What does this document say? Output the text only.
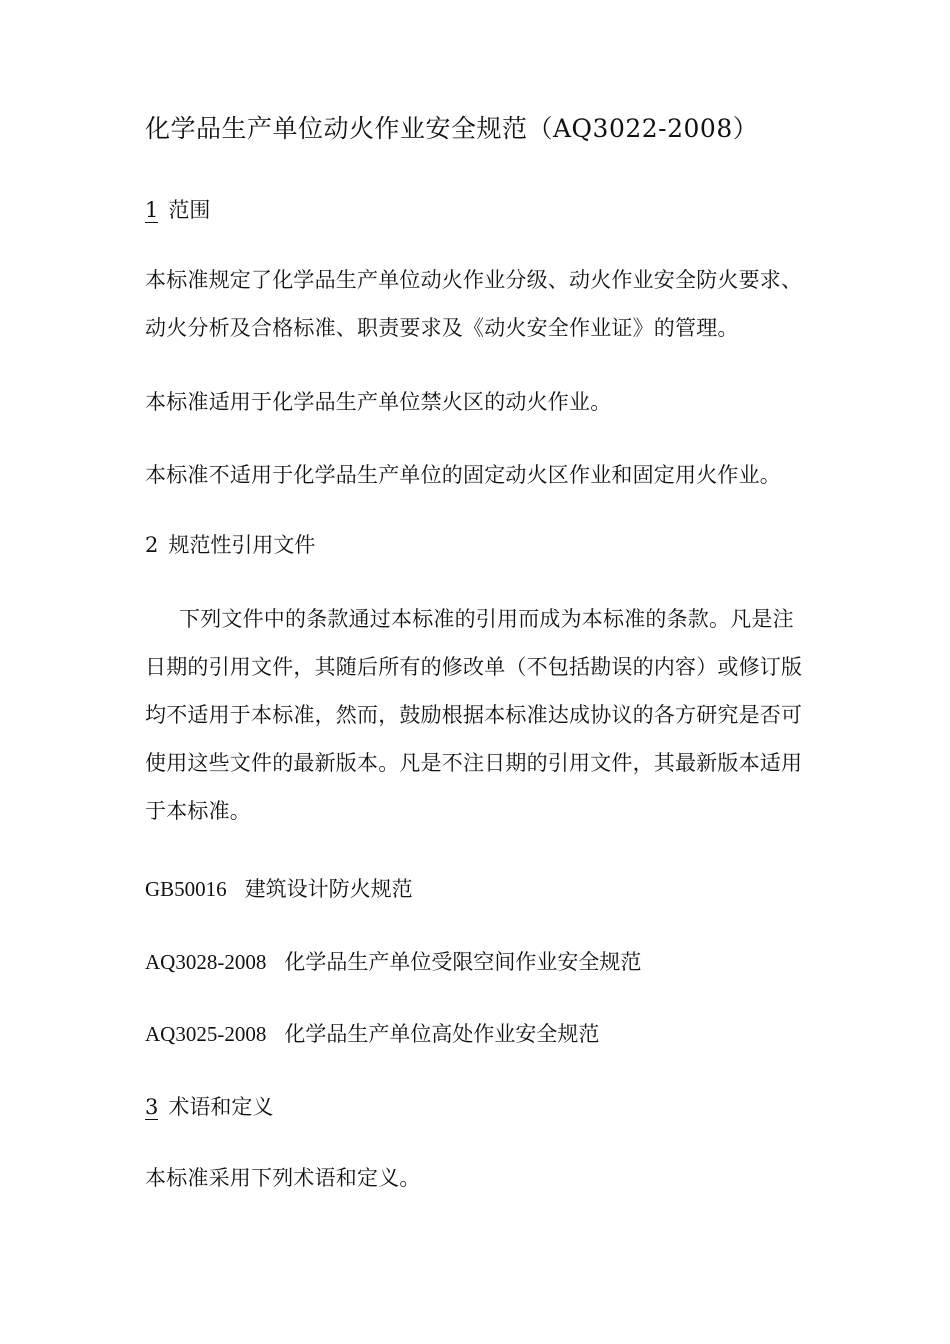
化学品生产单位动火作业安全规范（AQ3022-2008）
1 范围

本标准规定了化学品生产单位动火作业分级、动火作业安全防火要求、动火分析及合格标准、职责要求及《动火安全作业证》的管理。

本标准适用于化学品生产单位禁火区的动火作业。

本标准不适用于化学品生产单位的固定动火区作业和固定用火作业。

2 规范性引用文件

下列文件中的条款通过本标准的引用而成为本标准的条款。凡是注日期的引用文件，其随后所有的修改单（不包括勘误的内容）或修订版均不适用于本标准，然而，鼓励根据本标准达成协议的各方研究是否可使用这些文件的最新版本。凡是不注日期的引用文件，其最新版本适用于本标准。

GB50016 建筑设计防火规范
AQ3028-2008 化学品生产单位受限空间作业安全规范
AQ3025-2008 化学品生产单位高处作业安全规范
3 术语和定义

本标准采用下列术语和定义。
